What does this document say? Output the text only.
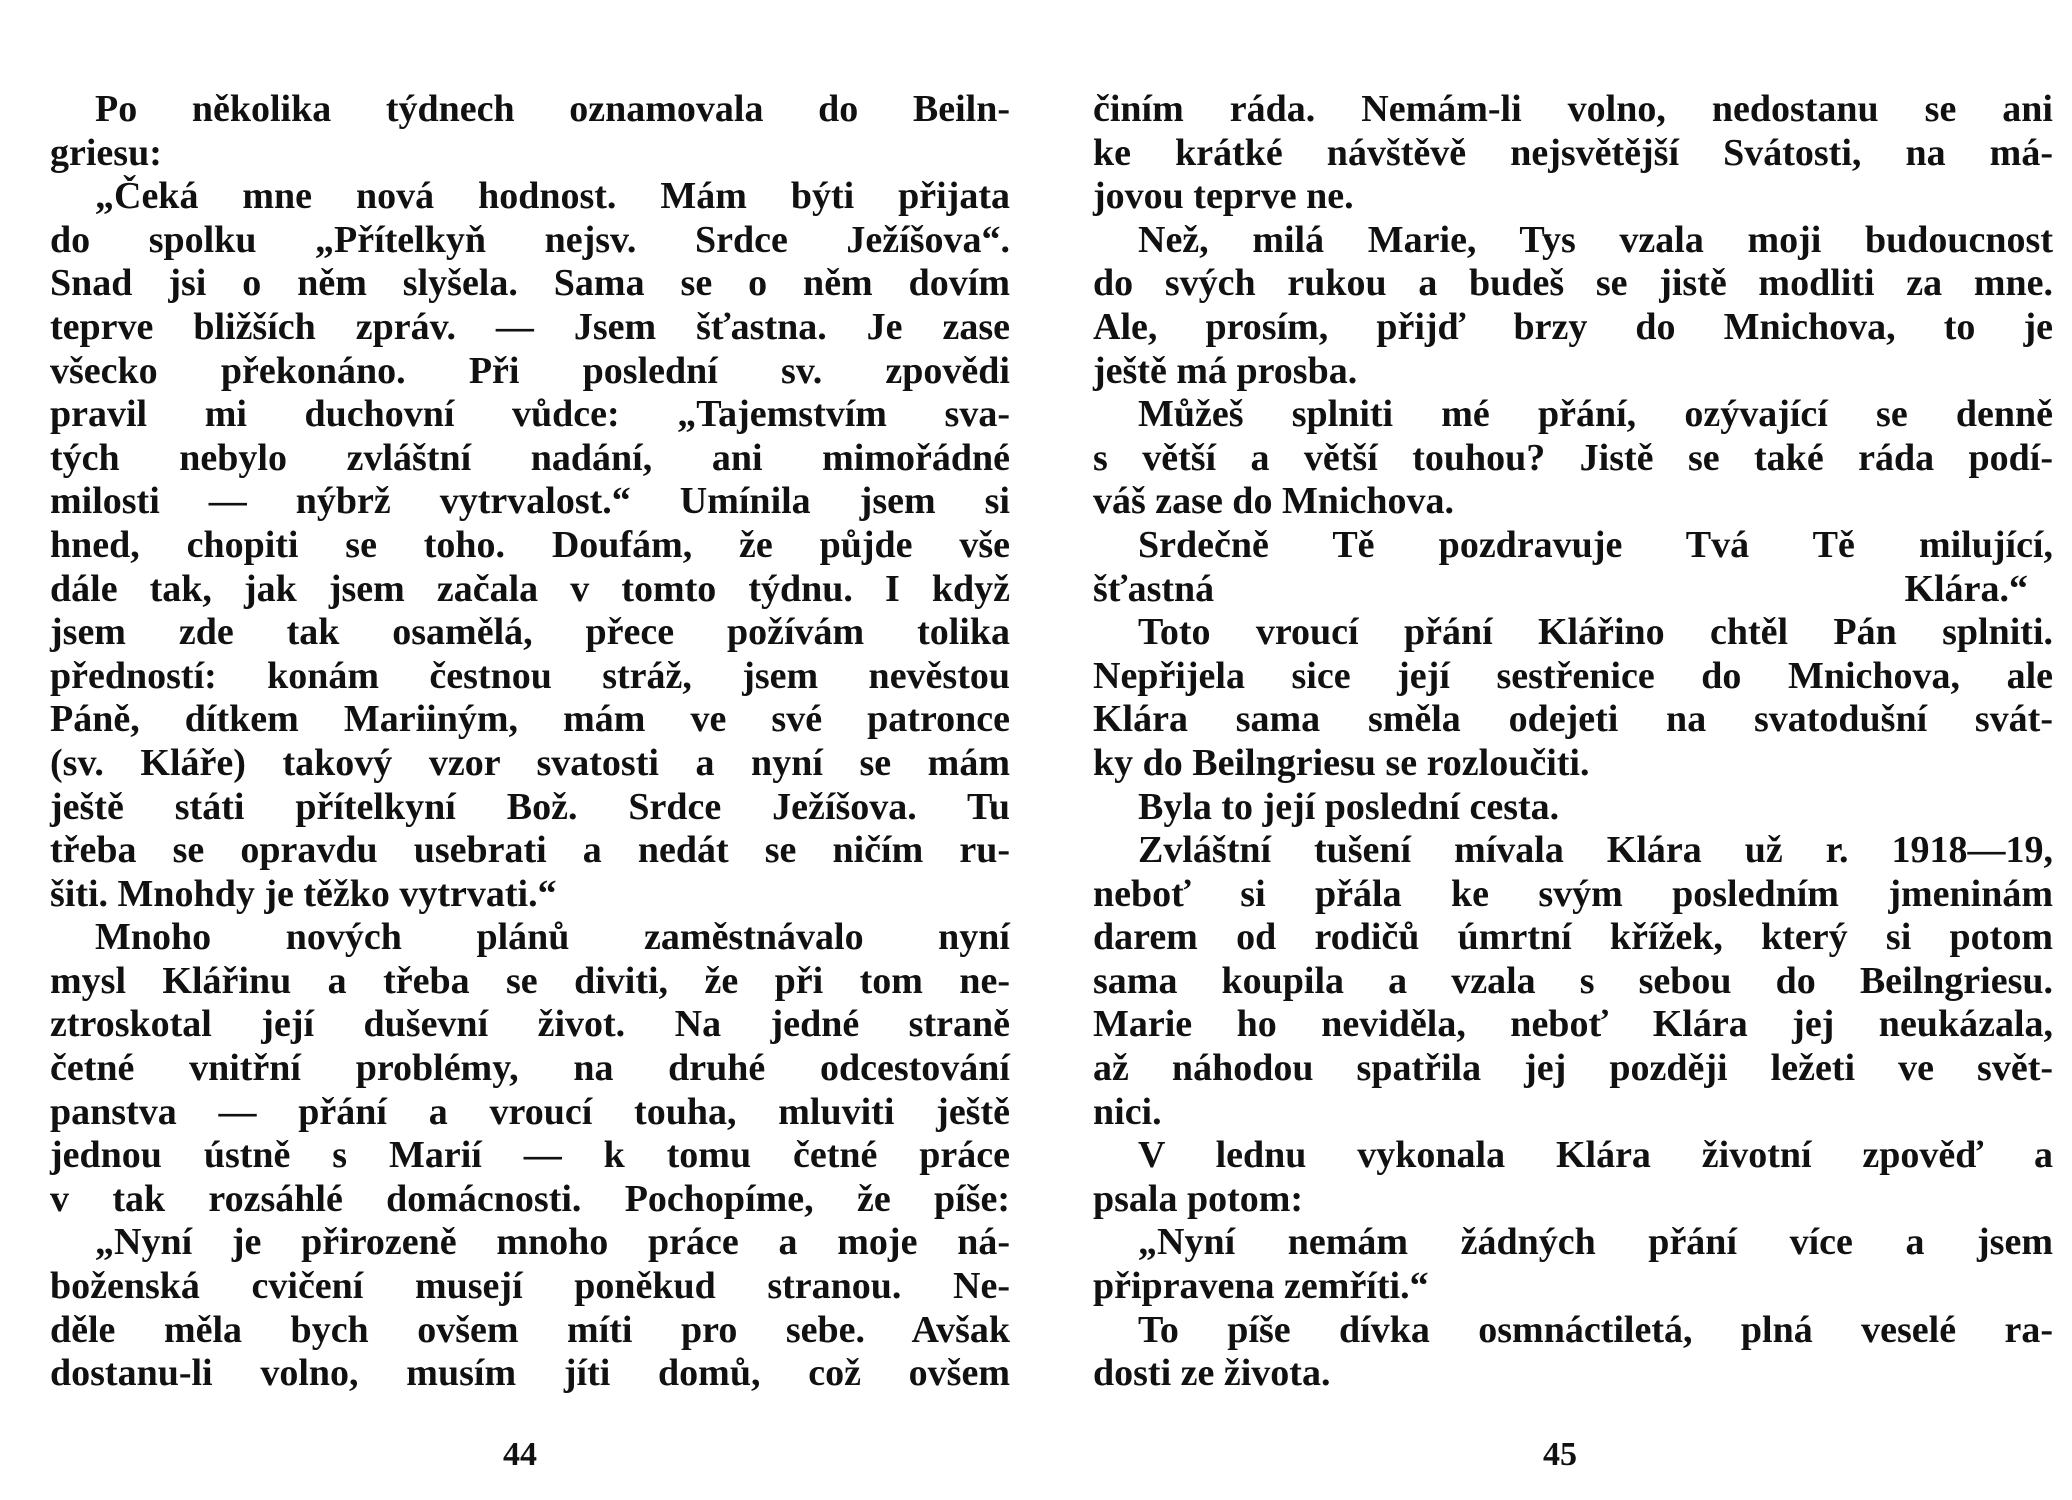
Po několika týdnech oznamovala do Beiln-
griesu:
„Čeká mne nová hodnost. Mám býti přijata
do spolku „Přítelkyň nejsv. Srdce Ježíšova“.
Snad jsi o něm slyšela. Sama se o něm dovím
teprve bližších zpráv. — Jsem šťastna. Je zase
všecko překonáno. Při poslední sv. zpovědi
pravil mi duchovní vůdce: „Tajemstvím sva-
tých nebylo zvláštní nadání, ani mimořádné
milosti — nýbrž vytrvalost.“ Umínila jsem si
hned, chopiti se toho. Doufám, že půjde vše
dále tak, jak jsem začala v tomto týdnu. I když
jsem zde tak osamělá, přece požívám tolika
předností: konám čestnou stráž, jsem nevěstou
Páně, dítkem Mariiným, mám ve své patronce
(sv. Kláře) takový vzor svatosti a nyní se mám
ještě státi přítelkyní Bož. Srdce Ježíšova. Tu
třeba se opravdu usebrati a nedát se ničím ru-
šiti. Mnohdy je těžko vytrvati.“
Mnoho nových plánů zaměstnávalo nyní
mysl Klářinu a třeba se diviti, že při tom ne-
ztroskotal její duševní život. Na jedné straně
četné vnitřní problémy, na druhé odcestování
panstva — přání a vroucí touha, mluviti ještě
jednou ústně s Marií — k tomu četné práce
v tak rozsáhlé domácnosti. Pochopíme, že píše:
„Nyní je přirozeně mnoho práce a moje ná-
boženská cvičení musejí poněkud stranou. Ne-
děle měla bych ovšem míti pro sebe. Avšak
dostanu-li volno, musím jíti domů, což ovšem
44
činím ráda. Nemám-li volno, nedostanu se ani
ke krátké návštěvě nejsvětější Svátosti, na má-
jovou teprve ne.
Než, milá Marie, Tys vzala moji budoucnost
do svých rukou a budeš se jistě modliti za mne.
Ale, prosím, přijď brzy do Mnichova, to je
ještě má prosba.
Můžeš splniti mé přání, ozývající se denně
s větší a větší touhou? Jistě se také ráda podí-
váš zase do Mnichova.
Srdečně Tě pozdravuje Tvá Tě milující,
šťastná	Klára.“
Toto vroucí přání Klářino chtěl Pán splniti.
Nepřijela sice její sestřenice do Mnichova, ale
Klára sama směla odejeti na svatodušní svát-
ky do Beilngriesu se rozloučiti.
Byla to její poslední cesta.
Zvláštní tušení mívala Klára už r. 1918—19,
neboť si přála ke svým posledním jmeninám
darem od rodičů úmrtní křížek, který si potom
sama koupila a vzala s sebou do Beilngriesu.
Marie ho neviděla, neboť Klára jej neukázala,
až náhodou spatřila jej později ležeti ve svět-
nici.
V lednu vykonala Klára životní zpověď a
psala potom:
„Nyní nemám žádných přání více a jsem
připravena zemříti.“
To píše dívka osmnáctiletá, plná veselé ra-
dosti ze života.
45
